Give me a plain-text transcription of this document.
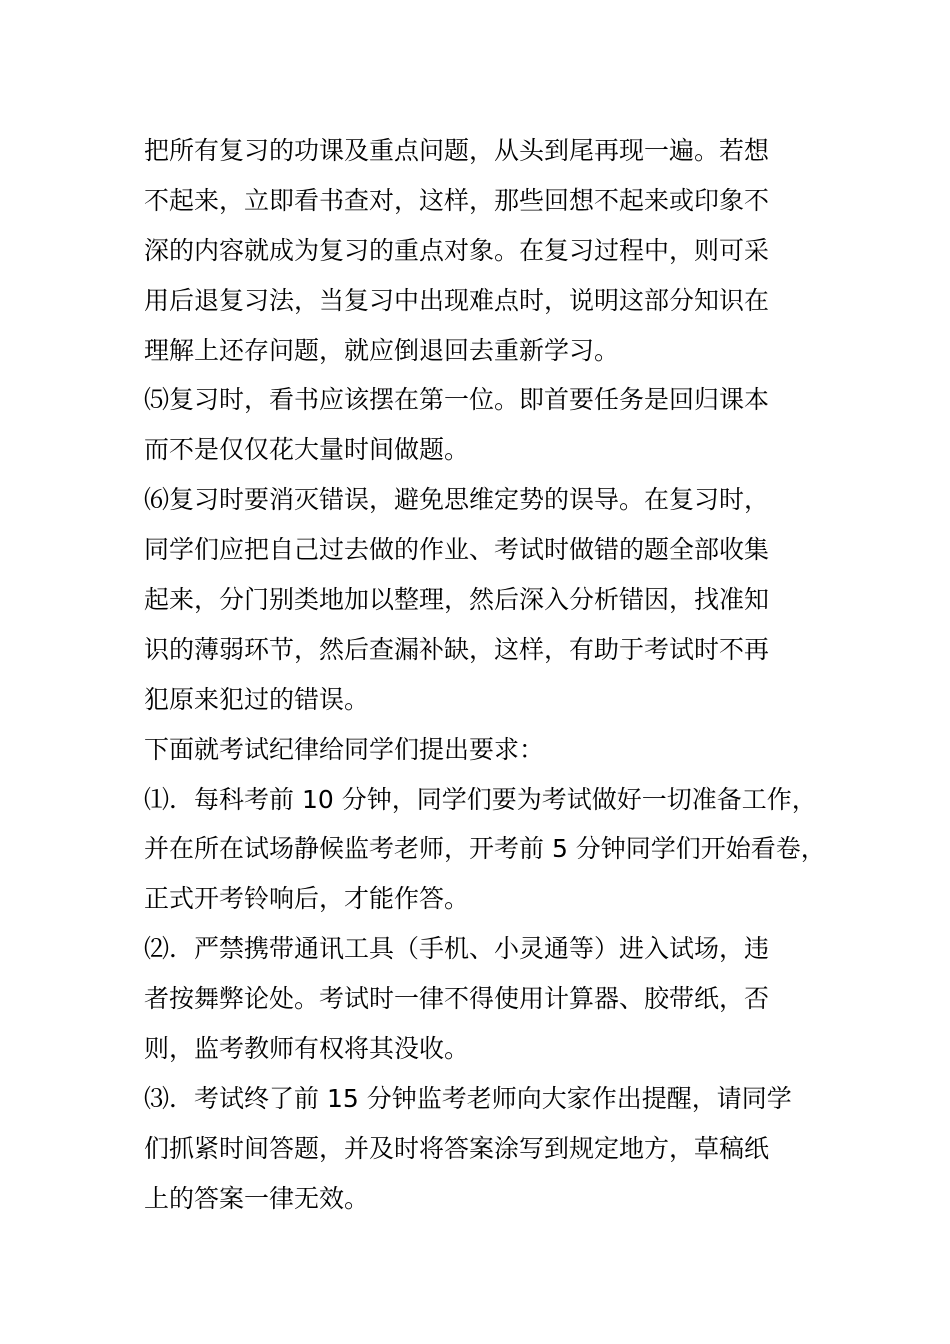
把所有复习的功课及重点问题，从头到尾再现一遍。若想
不起来，立即看书查对，这样，那些回想不起来或印象不
深的内容就成为复习的重点对象。在复习过程中，则可采
用后退复习法，当复习中出现难点时，说明这部分知识在
理解上还存问题，就应倒退回去重新学习。
⑸复习时，看书应该摆在第一位。即首要任务是回归课本
而不是仅仅花大量时间做题。
⑹复习时要消灭错误，避免思维定势的误导。在复习时，
同学们应把自己过去做的作业、考试时做错的题全部收集
起来，分门别类地加以整理，然后深入分析错因，找准知
识的薄弱环节，然后查漏补缺，这样，有助于考试时不再
犯原来犯过的错误。
下面就考试纪律给同学们提出要求：
⑴．每科考前 10 分钟，同学们要为考试做好一切准备工作，
并在所在试场静候监考老师，开考前 5 分钟同学们开始看卷，
正式开考铃响后，才能作答。
⑵．严禁携带通讯工具（手机、小灵通等）进入试场，违
者按舞弊论处。考试时一律不得使用计算器、胶带纸，否
则，监考教师有权将其没收。
⑶．考试终了前 15 分钟监考老师向大家作出提醒，请同学
们抓紧时间答题，并及时将答案涂写到规定地方，草稿纸
上的答案一律无效。
